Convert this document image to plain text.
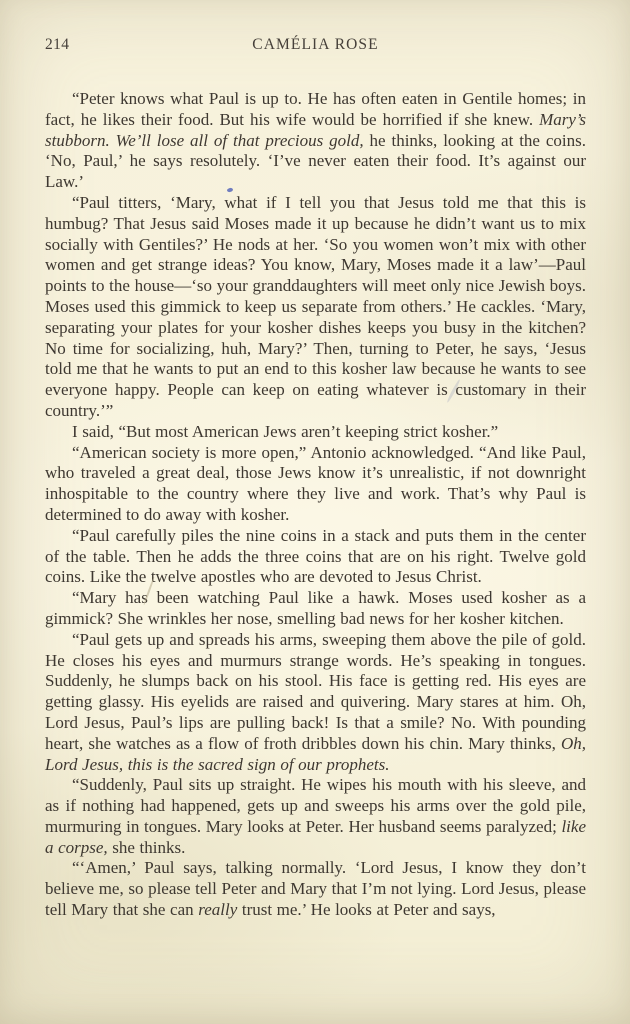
214	CAMÉLIA ROSE

“Peter knows what Paul is up to. He has often eaten in Gentile homes; in fact, he likes their food. But his wife would be horrified if she knew. Mary’s stubborn. We’ll lose all of that precious gold, he thinks, looking at the coins. ‘No, Paul,’ he says resolutely. ‘I’ve never eaten their food. It’s against our Law.’

“Paul titters, ‘Mary, what if I tell you that Jesus told me that this is humbug? That Jesus said Moses made it up because he didn’t want us to mix socially with Gentiles?’ He nods at her. ‘So you women won’t mix with other women and get strange ideas? You know, Mary, Moses made it a law’—Paul points to the house—‘so your granddaughters will meet only nice Jewish boys. Moses used this gimmick to keep us separate from others.’ He cackles. ‘Mary, separating your plates for your kosher dishes keeps you busy in the kitchen? No time for socializing, huh, Mary?’ Then, turning to Peter, he says, ‘Jesus told me that he wants to put an end to this kosher law because he wants to see everyone happy. People can keep on eating whatever is customary in their country.’”

I said, “But most American Jews aren’t keeping strict kosher.”

“American society is more open,” Antonio acknowledged. “And like Paul, who traveled a great deal, those Jews know it’s unrealistic, if not downright inhospitable to the country where they live and work. That’s why Paul is determined to do away with kosher.

“Paul carefully piles the nine coins in a stack and puts them in the center of the table. Then he adds the three coins that are on his right. Twelve gold coins. Like the twelve apostles who are devoted to Jesus Christ.

“Mary has been watching Paul like a hawk. Moses used kosher as a gimmick? She wrinkles her nose, smelling bad news for her kosher kitchen.

“Paul gets up and spreads his arms, sweeping them above the pile of gold. He closes his eyes and murmurs strange words. He’s speaking in tongues. Suddenly, he slumps back on his stool. His face is getting red. His eyes are getting glassy. His eyelids are raised and quivering. Mary stares at him. Oh, Lord Jesus, Paul’s lips are pulling back! Is that a smile? No. With pounding heart, she watches as a flow of froth dribbles down his chin. Mary thinks, Oh, Lord Jesus, this is the sacred sign of our prophets.

“Suddenly, Paul sits up straight. He wipes his mouth with his sleeve, and as if nothing had happened, gets up and sweeps his arms over the gold pile, murmuring in tongues. Mary looks at Peter. Her husband seems paralyzed; like a corpse, she thinks.

“‘Amen,’ Paul says, talking normally. ‘Lord Jesus, I know they don’t believe me, so please tell Peter and Mary that I’m not lying. Lord Jesus, please tell Mary that she can really trust me.’ He looks at Peter and says,
